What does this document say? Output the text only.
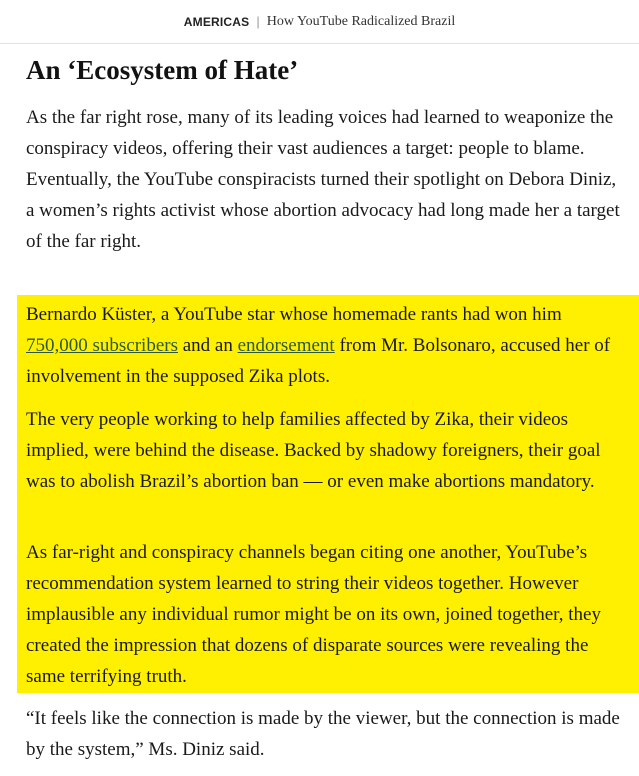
AMERICAS | How YouTube Radicalized Brazil
An ‘Ecosystem of Hate’

As the far right rose, many of its leading voices had learned to weaponize the conspiracy videos, offering their vast audiences a target: people to blame. Eventually, the YouTube conspiracists turned their spotlight on Debora Diniz, a women’s rights activist whose abortion advocacy had long made her a target of the far right.

Bernardo Küster, a YouTube star whose homemade rants had won him 750,000 subscribers and an endorsement from Mr. Bolsonaro, accused her of involvement in the supposed Zika plots.

The very people working to help families affected by Zika, their videos implied, were behind the disease. Backed by shadowy foreigners, their goal was to abolish Brazil’s abortion ban — or even make abortions mandatory.

As far-right and conspiracy channels began citing one another, YouTube’s recommendation system learned to string their videos together. However implausible any individual rumor might be on its own, joined together, they created the impression that dozens of disparate sources were revealing the same terrifying truth.

“It feels like the connection is made by the viewer, but the connection is made by the system,” Ms. Diniz said.
